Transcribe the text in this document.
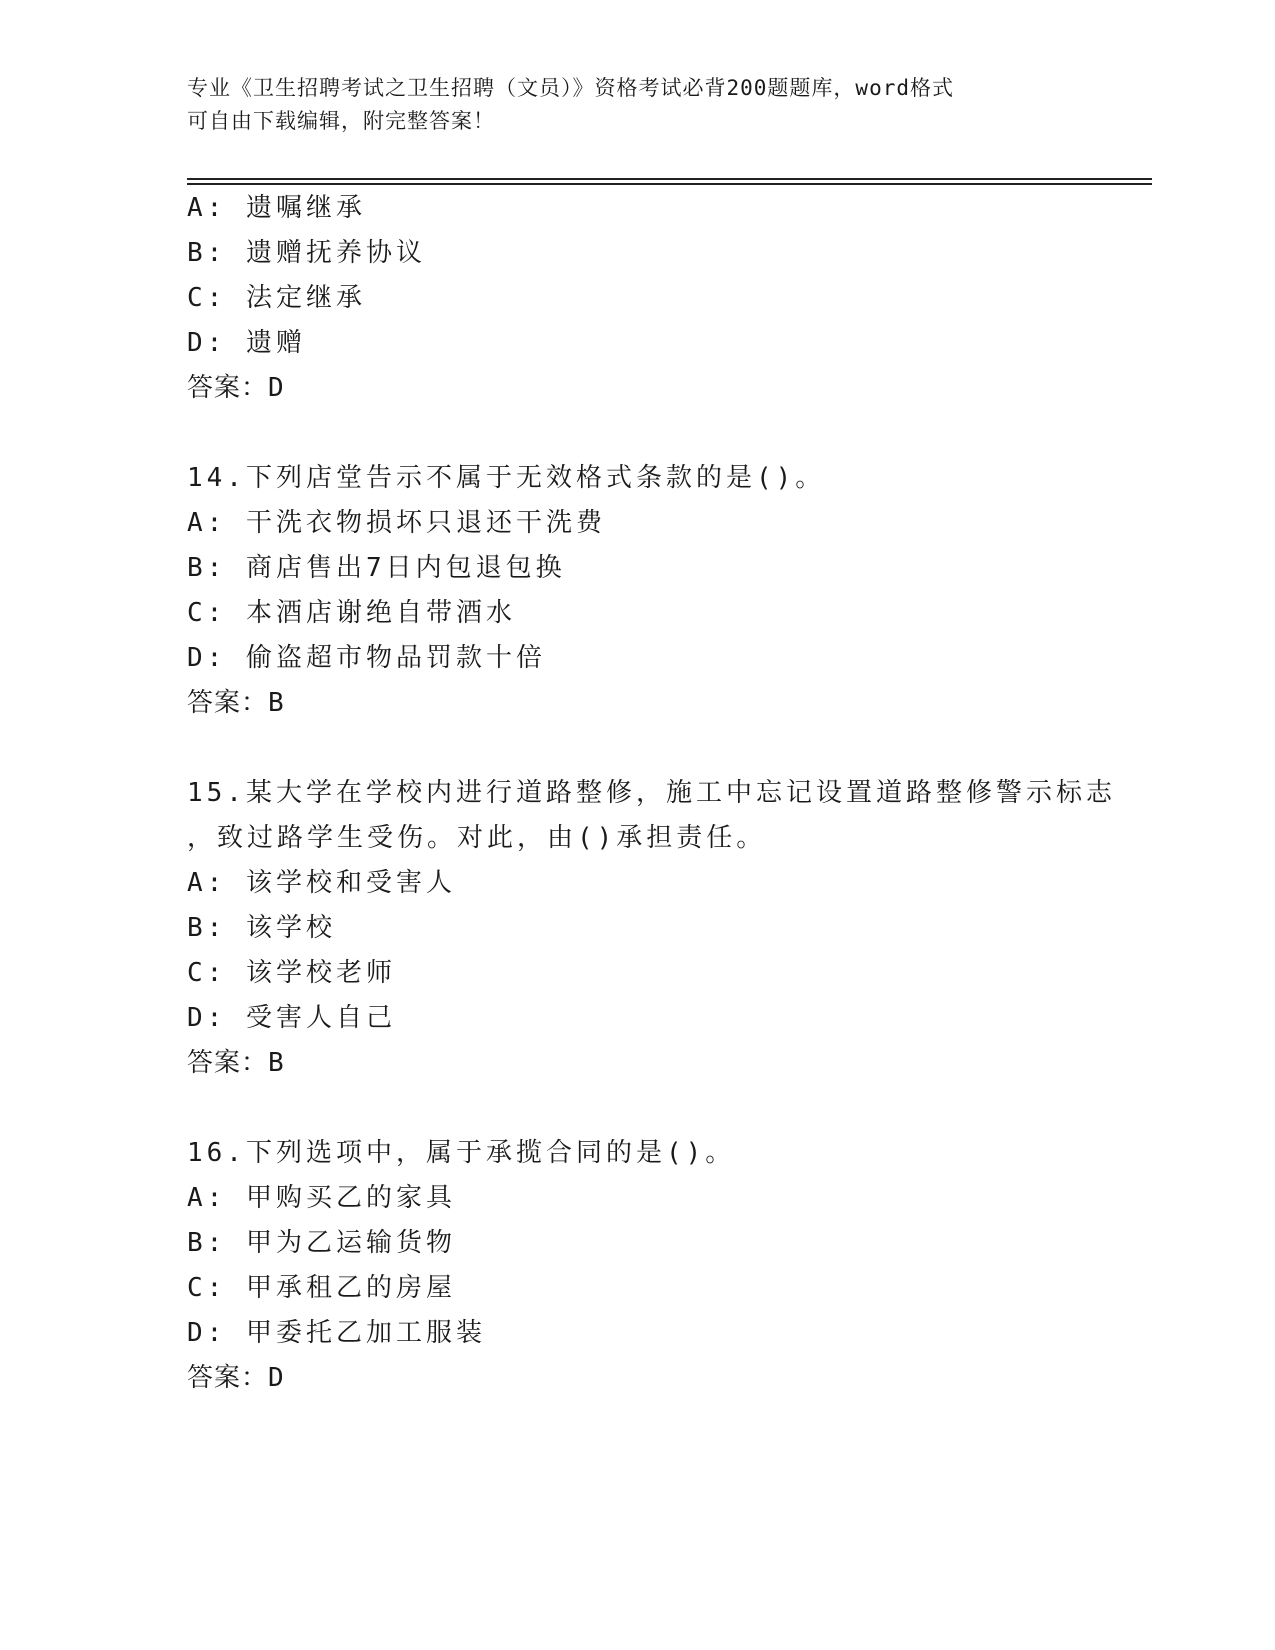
专业《卫生招聘考试之卫生招聘（文员）》资格考试必背200题题库，word格式
可自由下载编辑，附完整答案！
A: 遗嘱继承
B: 遗赠抚养协议
C: 法定继承
D: 遗赠
答案：D
14.下列店堂告示不属于无效格式条款的是()。
A: 干洗衣物损坏只退还干洗费
B: 商店售出7日内包退包换
C: 本酒店谢绝自带酒水
D: 偷盗超市物品罚款十倍
答案：B
15.某大学在学校内进行道路整修，施工中忘记设置道路整修警示标志
，致过路学生受伤。对此，由()承担责任。
A: 该学校和受害人
B: 该学校
C: 该学校老师
D: 受害人自己
答案：B
16.下列选项中，属于承揽合同的是()。
A: 甲购买乙的家具
B: 甲为乙运输货物
C: 甲承租乙的房屋
D: 甲委托乙加工服装
答案：D
